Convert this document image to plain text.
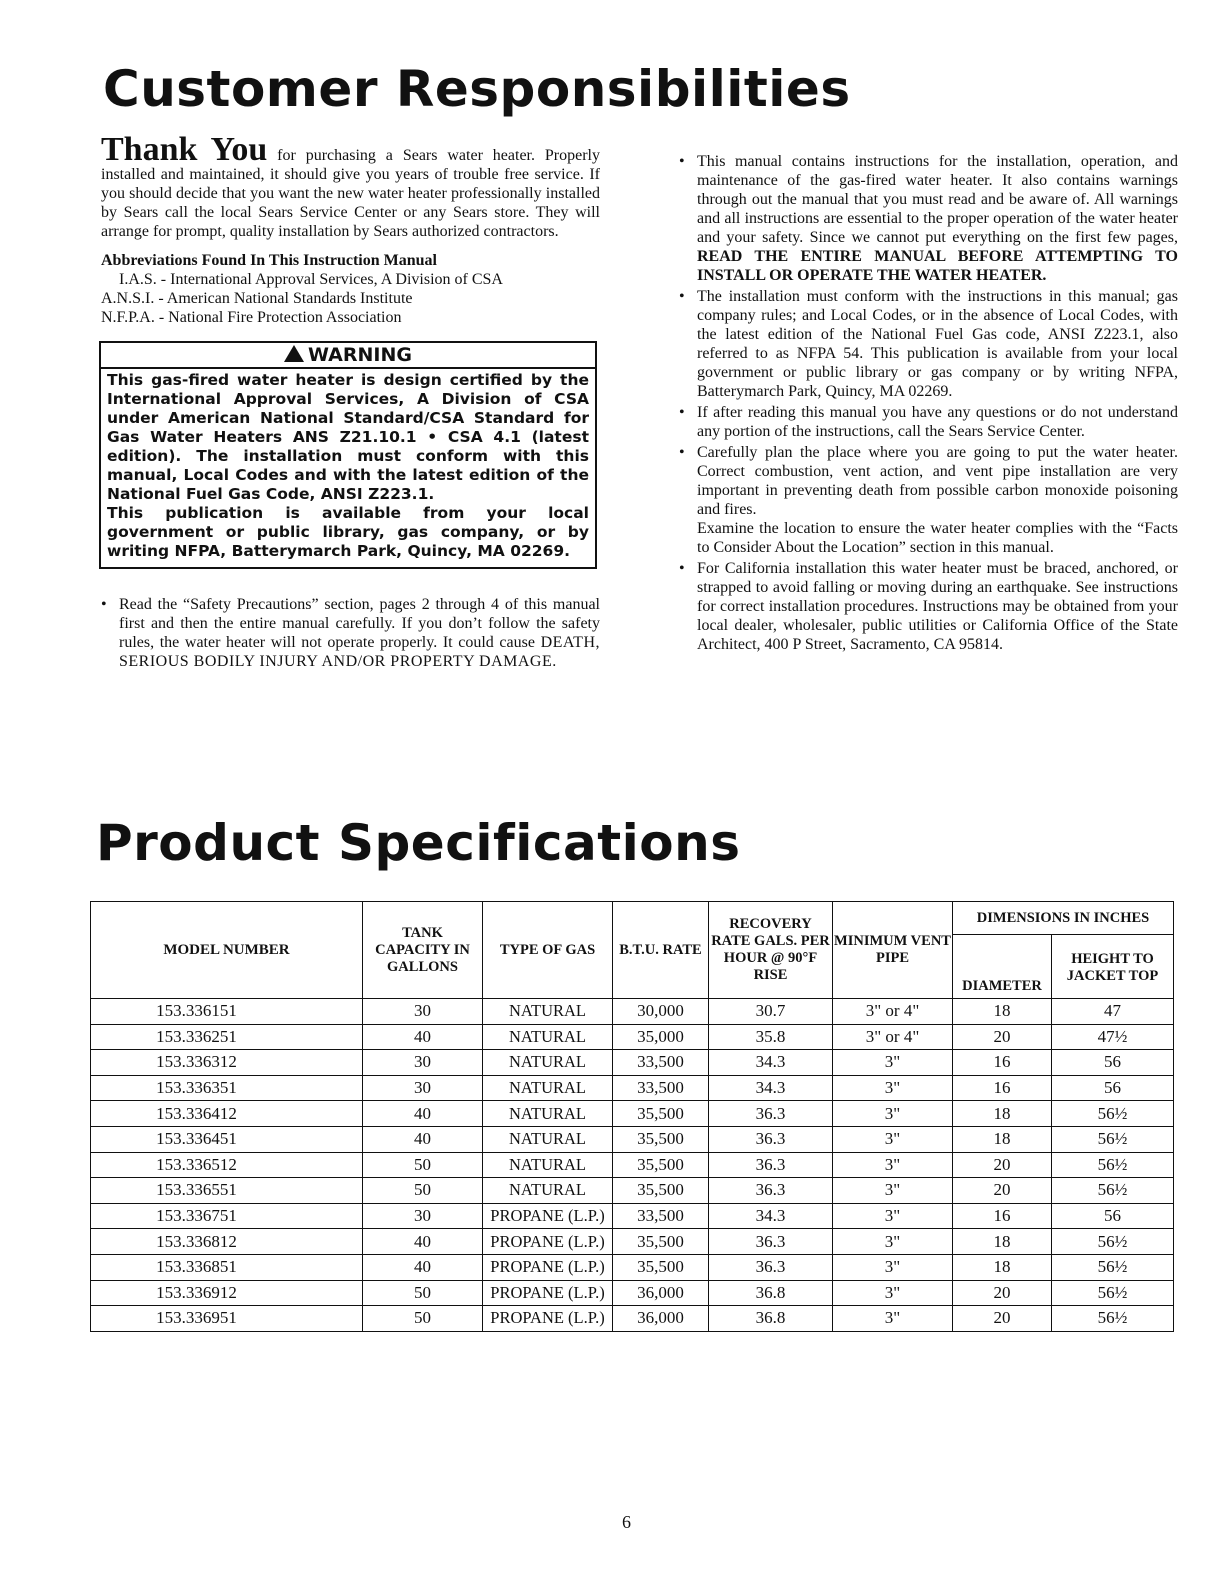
Customer Responsibilities
Thank You for purchasing a Sears water heater. Properly installed and maintained, it should give you years of trouble free service. If you should decide that you want the new water heater professionally installed by Sears call the local Sears Service Center or any Sears store. They will arrange for prompt, quality installation by Sears authorized contractors.
Abbreviations Found In This Instruction Manual

I.A.S. - International Approval Services, A Division of CSA

A.N.S.I. - American National Standards Institute

N.F.P.A. - National Fire Protection Association

WARNING

This gas-fired water heater is design certified by the International Approval Services, A Division of CSA under American National Standard/CSA Standard for Gas Water Heaters ANS Z21.10.1 • CSA 4.1 (latest edition). The installation must conform with this manual, Local Codes and with the latest edition of the National Fuel Gas Code, ANSI Z223.1.

This publication is available from your local government or public library, gas company, or by writing NFPA, Batterymarch Park, Quincy, MA 02269.

• Read the “Safety Precautions” section, pages 2 through 4 of this manual first and then the entire manual carefully. If you don’t follow the safety rules, the water heater will not operate properly. It could cause DEATH, SERIOUS BODILY INJURY AND/OR PROPERTY DAMAGE.
• This manual contains instructions for the installation, operation, and maintenance of the gas-fired water heater. It also contains warnings through out the manual that you must read and be aware of. All warnings and all instructions are essential to the proper operation of the water heater and your safety. Since we cannot put everything on the first few pages, READ THE ENTIRE MANUAL BEFORE ATTEMPTING TO INSTALL OR OPERATE THE WATER HEATER.
• The installation must conform with the instructions in this manual; gas company rules; and Local Codes, or in the absence of Local Codes, with the latest edition of the National Fuel Gas code, ANSI Z223.1, also referred to as NFPA 54. This publication is available from your local government or public library or gas company or by writing NFPA, Batterymarch Park, Quincy, MA 02269.
• If after reading this manual you have any questions or do not understand any portion of the instructions, call the Sears Service Center.
• Carefully plan the place where you are going to put the water heater. Correct combustion, vent action, and vent pipe installation are very important in preventing death from possible carbon monoxide poisoning and fires.

Examine the location to ensure the water heater complies with the “Facts to Consider About the Location” section in this manual.

• For California installation this water heater must be braced, anchored, or strapped to avoid falling or moving during an earthquake. See instructions for correct installation procedures. Instructions may be obtained from your local dealer, wholesaler, public utilities or California Office of the State Architect, 400 P Street, Sacramento, CA 95814.
Product Specifications
MODEL NUMBER	TANK CAPACITY IN GALLONS	TYPE OF GAS	B.T.U. RATE	RECOVERY RATE GALS. PER HOUR @ 90°F RISE	MINIMUM VENT PIPE	DIMENSIONS IN INCHES	
						DIAMETER	HEIGHT TO JACKET TOP
153.336151	30	NATURAL	30,000	30.7	3" or 4"	18	47
153.336251	40	NATURAL	35,000	35.8	3" or 4"	20	47½
153.336312	30	NATURAL	33,500	34.3	3"	16	56
153.336351	30	NATURAL	33,500	34.3	3"	16	56
153.336412	40	NATURAL	35,500	36.3	3"	18	56½
153.336451	40	NATURAL	35,500	36.3	3"	18	56½
153.336512	50	NATURAL	35,500	36.3	3"	20	56½
153.336551	50	NATURAL	35,500	36.3	3"	20	56½
153.336751	30	PROPANE (L.P.)	33,500	34.3	3"	16	56
153.336812	40	PROPANE (L.P.)	35,500	36.3	3"	18	56½
153.336851	40	PROPANE (L.P.)	35,500	36.3	3"	18	56½
153.336912	50	PROPANE (L.P.)	36,000	36.8	3"	20	56½
153.336951	50	PROPANE (L.P.)	36,000	36.8	3"	20	56½
6
